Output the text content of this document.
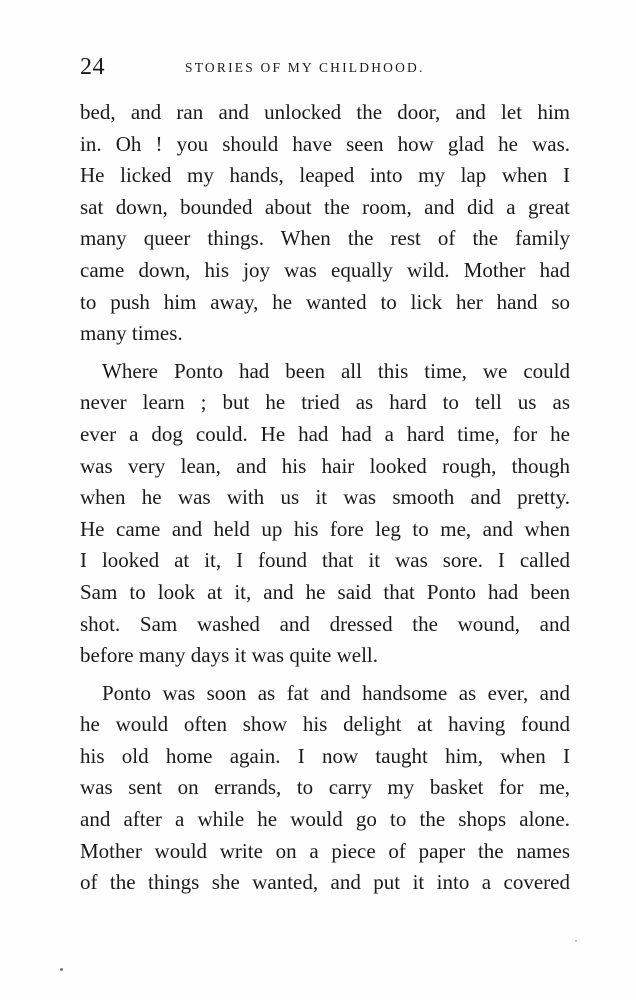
24	STORIES OF MY CHILDHOOD.
bed, and ran and unlocked the door, and let him
in. Oh ! you should have seen how glad he was.
He licked my hands, leaped into my lap when I
sat down, bounded about the room, and did a great
many queer things. When the rest of the family
came down, his joy was equally wild. Mother had
to push him away, he wanted to lick her hand so
many times.
Where Ponto had been all this time, we could
never learn ; but he tried as hard to tell us as
ever a dog could. He had had a hard time, for he
was very lean, and his hair looked rough, though
when he was with us it was smooth and pretty.
He came and held up his fore leg to me, and when
I looked at it, I found that it was sore. I called
Sam to look at it, and he said that Ponto had been
shot. Sam washed and dressed the wound, and
before many days it was quite well.
Ponto was soon as fat and handsome as ever, and
he would often show his delight at having found
his old home again. I now taught him, when I
was sent on errands, to carry my basket for me,
and after a while he would go to the shops alone.
Mother would write on a piece of paper the names
of the things she wanted, and put it into a covered
